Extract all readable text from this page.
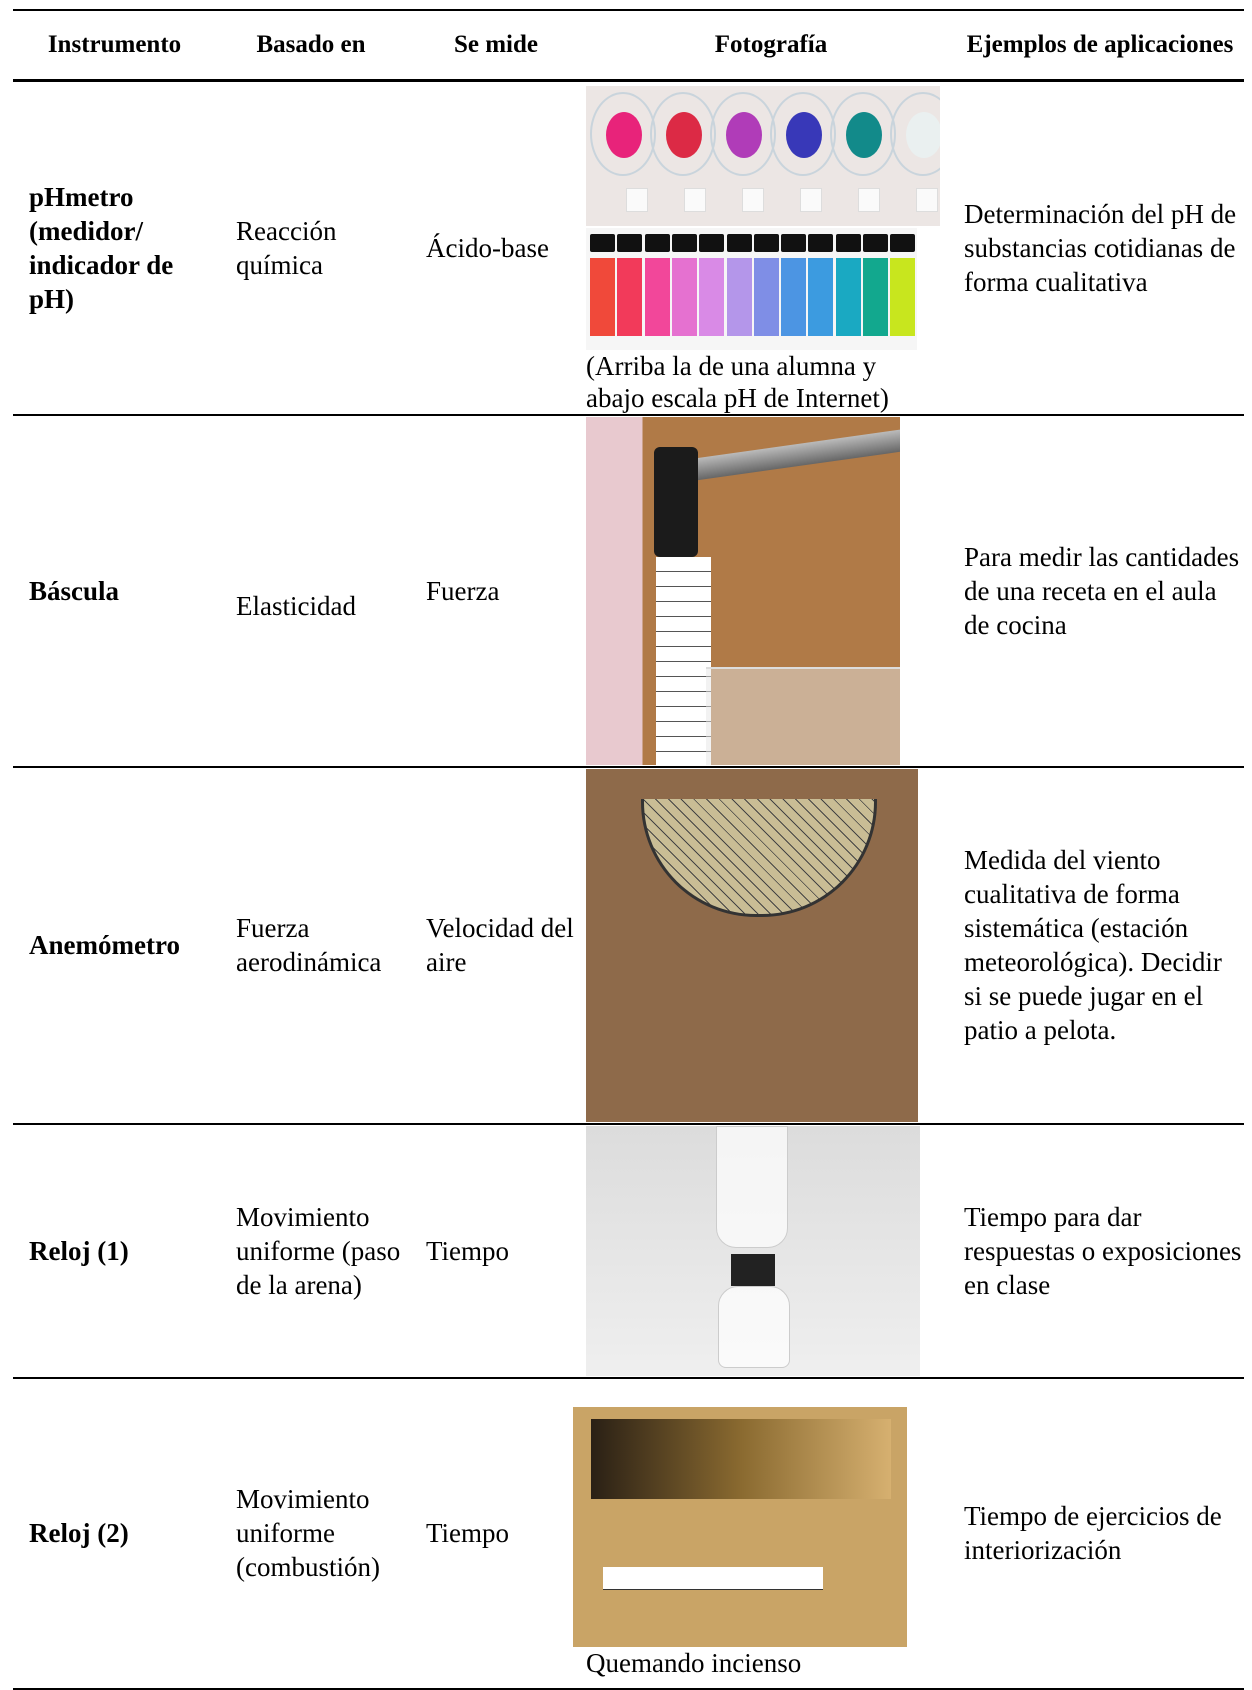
Instrumento	Basado en	Se mide	Fotografía	Ejemplos de aplicaciones
pHmetro (medidor/ indicador de pH)	Reacción química	Ácido-base	(Arriba la de una alumna y abajo escala pH de Internet)	Determinación del pH de substancias cotidianas de forma cualitativa
Báscula	Elasticidad	Fuerza		Para medir las cantidades de una receta en el aula de cocina
Anemómetro	Fuerza aerodinámica	Velocidad del aire		Medida del viento cualitativa de forma sistemática (estación meteorológica). Decidir si se puede jugar en el patio a pelota.
Reloj (1)	Movimiento uniforme (paso de la arena)	Tiempo		Tiempo para dar respuestas o exposiciones en clase
Reloj (2)	Movimiento uniforme (combustión)	Tiempo	Quemando incienso	Tiempo de ejercicios de interiorización
